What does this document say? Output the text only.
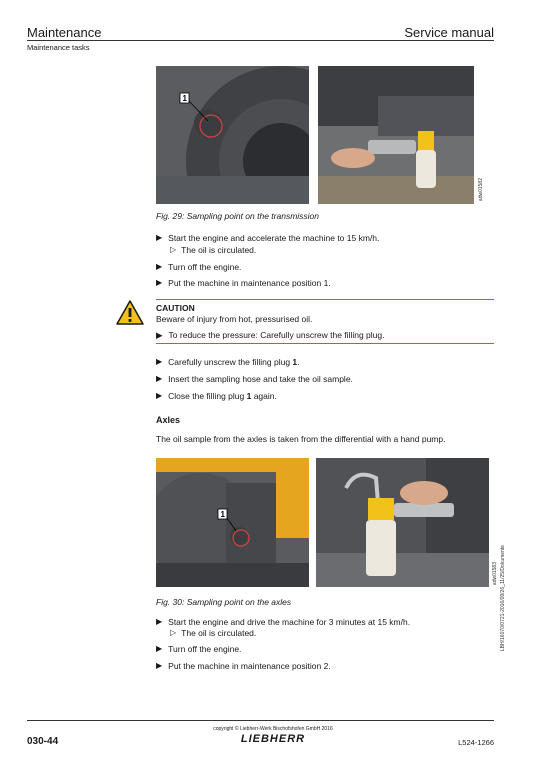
Maintenance	Service manual
Maintenance tasks
1
adw01582
Fig. 29: Sampling point on the transmission
▶ Start the engine and accelerate the machine to 15 km/h.
▷ The oil is circulated.
▶ Turn off the engine.
▶ Put the machine in maintenance position 1.
CAUTION
Beware of injury from hot, pressurised oil.
▶ To reduce the pressure: Carefully unscrew the filling plug.
▶ Carefully unscrew the filling plug 1.
▶ Insert the sampling hose and take the oil sample.
▶ Close the filling plug 1 again.
Axles
The oil sample from the axles is taken from the differential with a hand pump.
1
adw01583 LBH/16070/0721-2016/09/26_11/25/Dokumente
Fig. 30: Sampling point on the axles
▶ Start the engine and drive the machine for 3 minutes at 15 km/h.
▷ The oil is circulated.
▶ Turn off the engine.
▶ Put the machine in maintenance position 2.
030-44
copyright © Liebherr-Werk Bischofshofen GmbH 2016
LIEBHERR	L524-1266
